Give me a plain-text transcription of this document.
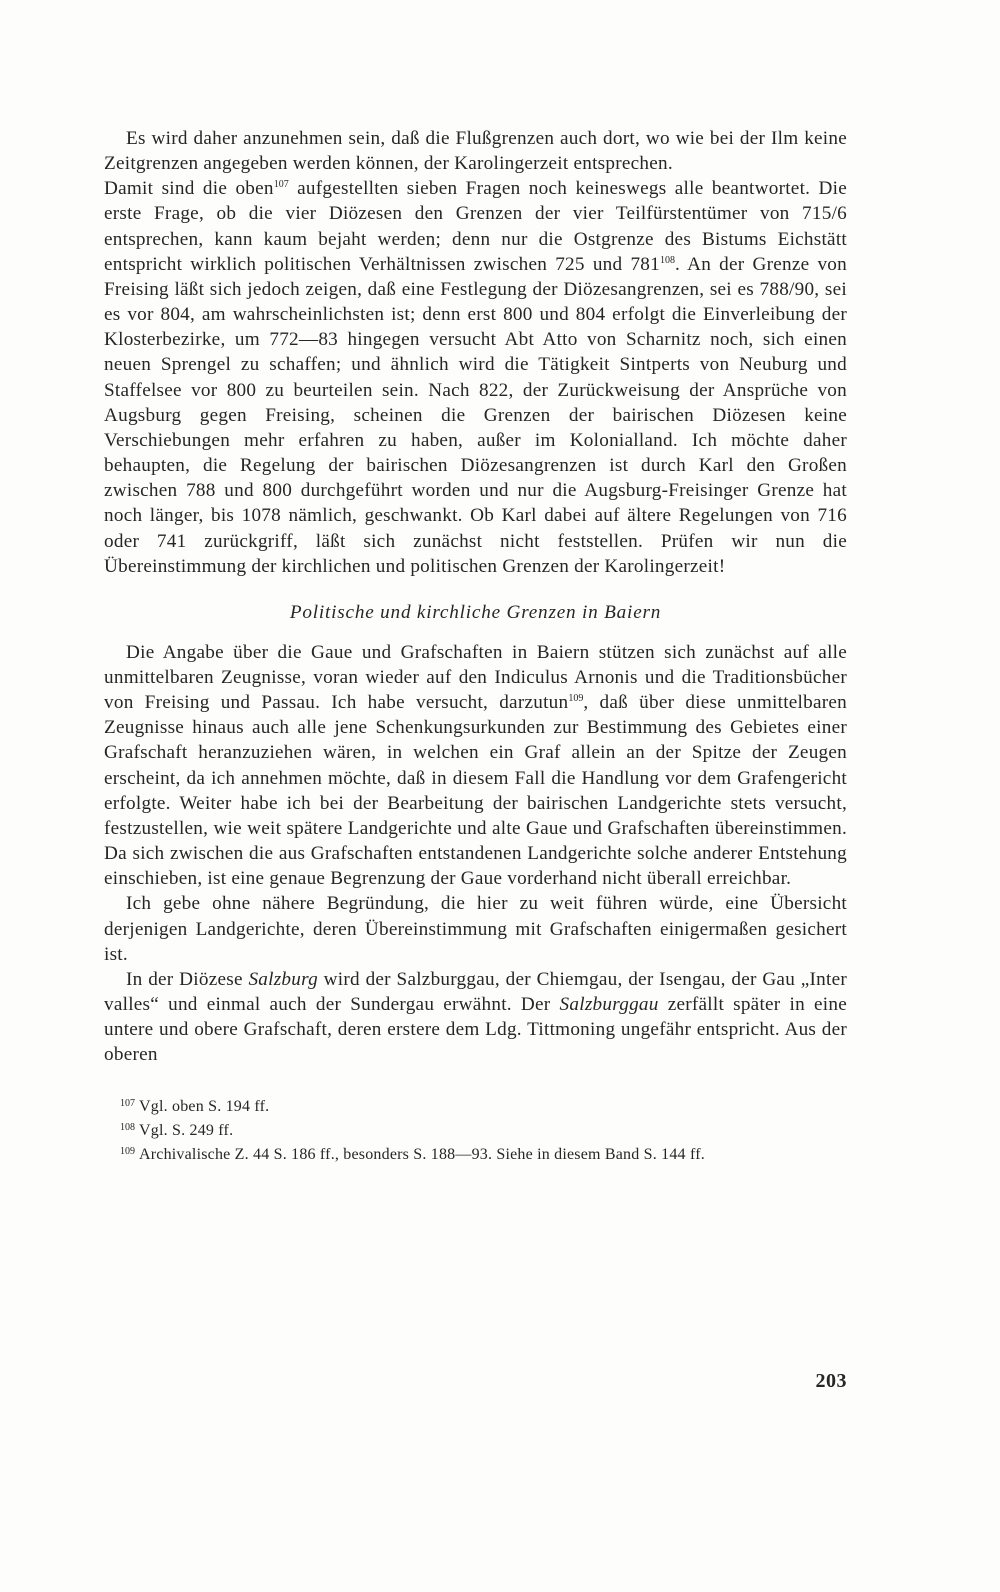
Es wird daher anzunehmen sein, daß die Flußgrenzen auch dort, wo wie bei der Ilm keine Zeitgrenzen angegeben werden können, der Karolingerzeit entsprechen.

Damit sind die oben$^{107}$ aufgestellten sieben Fragen noch keineswegs alle beantwortet. Die erste Frage, ob die vier Diözesen den Grenzen der vier Teilfürstentümer von 715/6 entsprechen, kann kaum bejaht werden; denn nur die Ostgrenze des Bistums Eichstätt entspricht wirklich politischen Verhältnissen zwischen 725 und $781^{108}$. An der Grenze von Freising läßt sich jedoch zeigen, daß eine Festlegung der Diözesangrenzen, sei es 788/90, sei es vor 804, am wahrscheinlichsten ist; denn erst 800 und 804 erfolgt die Einverleibung der Klosterbezirke, um 772—83 hingegen versucht Abt Atto von Scharnitz noch, sich einen neuen Sprengel zu schaffen; und ähnlich wird die Tätigkeit Sintperts von Neuburg und Staffelsee vor 800 zu beurteilen sein. Nach 822, der Zurückweisung der Ansprüche von Augsburg gegen Freising, scheinen die Grenzen der bairischen Diözesen keine Verschiebungen mehr erfahren zu haben, außer im Kolonialland. Ich möchte daher behaupten, die Regelung der bairischen Diözesangrenzen ist durch Karl den Großen zwischen 788 und 800 durchgeführt worden und nur die Augsburg-Freisinger Grenze hat noch länger, bis 1078 nämlich, geschwankt. Ob Karl dabei auf ältere Regelungen von 716 oder 741 zurückgriff, läßt sich zunächst nicht feststellen. Prüfen wir nun die Übereinstimmung der kirchlichen und politischen Grenzen der Karolingerzeit!

Politische und kirchliche Grenzen in Baiern

Die Angabe über die Gaue und Grafschaften in Baiern stützen sich zunächst auf alle unmittelbaren Zeugnisse, voran wieder auf den Indiculus Arnonis und die Traditionsbücher von Freising und Passau. Ich habe versucht, darzutun$^{109}$, daß über diese unmittelbaren Zeugnisse hinaus auch alle jene Schenkungsurkunden zur Bestimmung des Gebietes einer Grafschaft heranzuziehen wären, in welchen ein Graf allein an der Spitze der Zeugen erscheint, da ich annehmen möchte, daß in diesem Fall die Handlung vor dem Grafengericht erfolgte. Weiter habe ich bei der Bearbeitung der bairischen Landgerichte stets versucht, festzustellen, wie weit spätere Landgerichte und alte Gaue und Grafschaften übereinstimmen. Da sich zwischen die aus Grafschaften entstandenen Landgerichte solche anderer Entstehung einschieben, ist eine genaue Begrenzung der Gaue vorderhand nicht überall erreichbar.

Ich gebe ohne nähere Begründung, die hier zu weit führen würde, eine Übersicht derjenigen Landgerichte, deren Übereinstimmung mit Grafschaften einigermaßen gesichert ist.

In der Diözese Salzburg wird der Salzburggau, der Chiemgau, der Isengau, der Gau „Inter valles“ und einmal auch der Sundergau erwähnt. Der Salzburggau zerfällt später in eine untere und obere Grafschaft, deren erstere dem Ldg. Tittmoning ungefähr entspricht. Aus der oberen

$^{107}$ Vgl. oben S. 194 ff.
$^{108}$ Vgl. S. 249 ff.
$^{109}$ Archivalische Z. 44 S. 186 ff., besonders S. 188—93. Siehe in diesem Band S. 144 ff.
203
